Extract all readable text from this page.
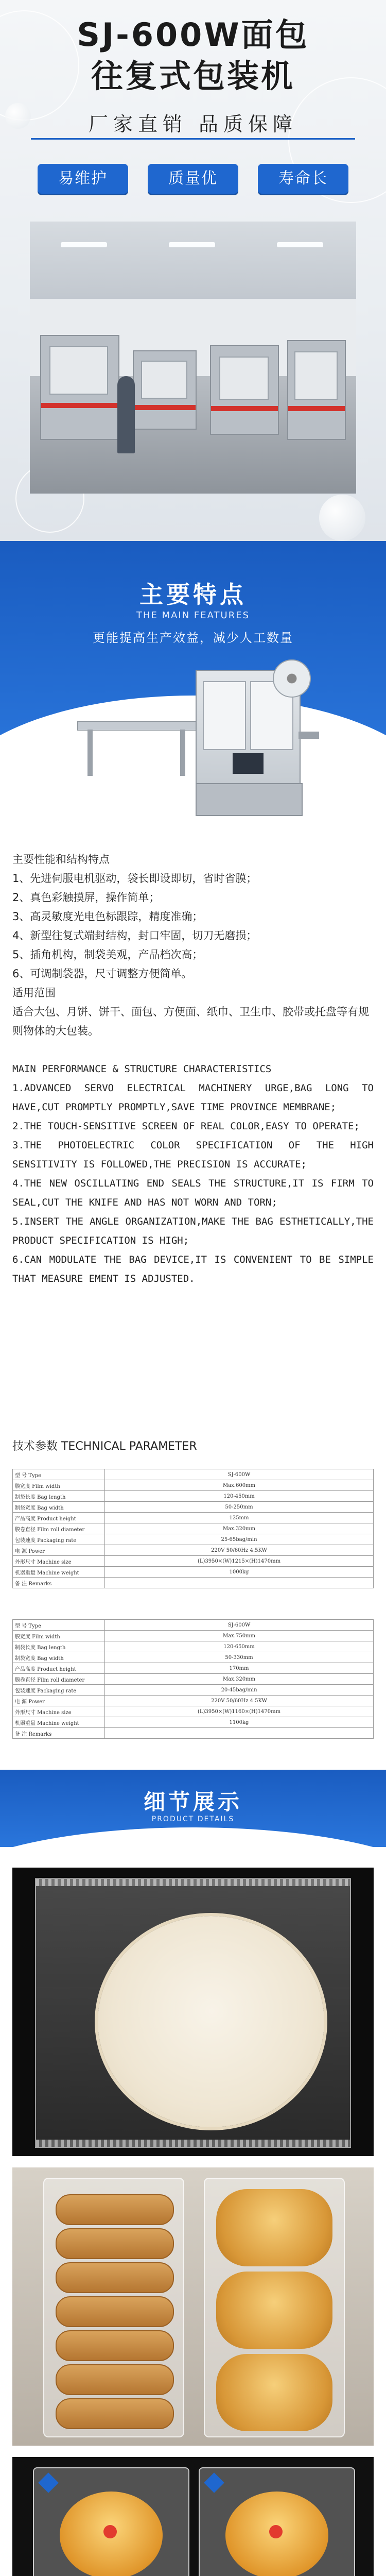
SJ-600W面包
往复式包装机
厂家直销 品质保障
易维护	质量优	寿命长
主要特点
THE MAIN FEATURES
更能提高生产效益，减少人工数量

主要性能和结构特点

1、先进伺服电机驱动，袋长即设即切，省时省膜；

2、真色彩触摸屏，操作简单；

3、高灵敏度光电色标跟踪，精度准确；

4、新型往复式端封结构，封口牢固，切刀无磨损；

5、插角机构，制袋美观，产品档次高；

6、可调制袋器，尺寸调整方便简单。

适用范围

适合大包、月饼、饼干、面包、方便面、纸巾、卫生巾、胶带或托盘等有规则物体的大包装。

MAIN PERFORMANCE & STRUCTURE CHARACTERISTICS

1.ADVANCED SERVO ELECTRICAL MACHINERY URGE,BAG LONG TO HAVE,CUT PROMPTLY PROMPTLY,SAVE TIME PROVINCE MEMBRANE;

2.THE TOUCH-SENSITIVE SCREEN OF REAL COLOR,EASY TO OPERATE;

3.THE PHOTOELECTRIC COLOR SPECIFICATION OF THE HIGH SENSITIVITY IS FOLLOWED,THE PRECISION IS ACCURATE;

4.THE NEW OSCILLATING END SEALS THE STRUCTURE,IT IS FIRM TO SEAL,CUT THE KNIFE AND HAS NOT WORN AND TORN;

5.INSERT THE ANGLE ORGANIZATION,MAKE THE BAG ESTHETICALLY,THE PRODUCT SPECIFICATION IS HIGH;

6.CAN MODULATE THE BAG DEVICE,IT IS CONVENIENT TO BE SIMPLE THAT MEASURE EMENT IS ADJUSTED.

技术参数 TECHNICAL PARAMETER

型 号 Type	SJ-600W
膜宽度 Film width	Max.600mm
制袋长度 Bag length	120-450mm
制袋宽度 Bag width	50-250mm
产品高度 Product height	125mm
膜卷直径 Film roll diameter	Max.320mm
包装速度 Packaging rate	25-65bag/min
电 源 Power	220V 50/60Hz 4.5KW
外形尺寸 Machine size	(L)3950×(W)1215×(H)1470mm
机器重量 Machine weight	1000kg
备 注 Remarks	
型 号 Type	SJ-600W
膜宽度 Film width	Max.750mm
制袋长度 Bag length	120-650mm
制袋宽度 Bag width	50-330mm
产品高度 Product height	170mm
膜卷直径 Film roll diameter	Max.320mm
包装速度 Packaging rate	20-45bag/min
电 源 Power	220V 50/60Hz 4.5KW
外形尺寸 Machine size	(L)3950×(W)1160×(H)1470mm
机器重量 Machine weight	1100kg
备 注 Remarks	
细节展示
PRODUCT DETAILS
